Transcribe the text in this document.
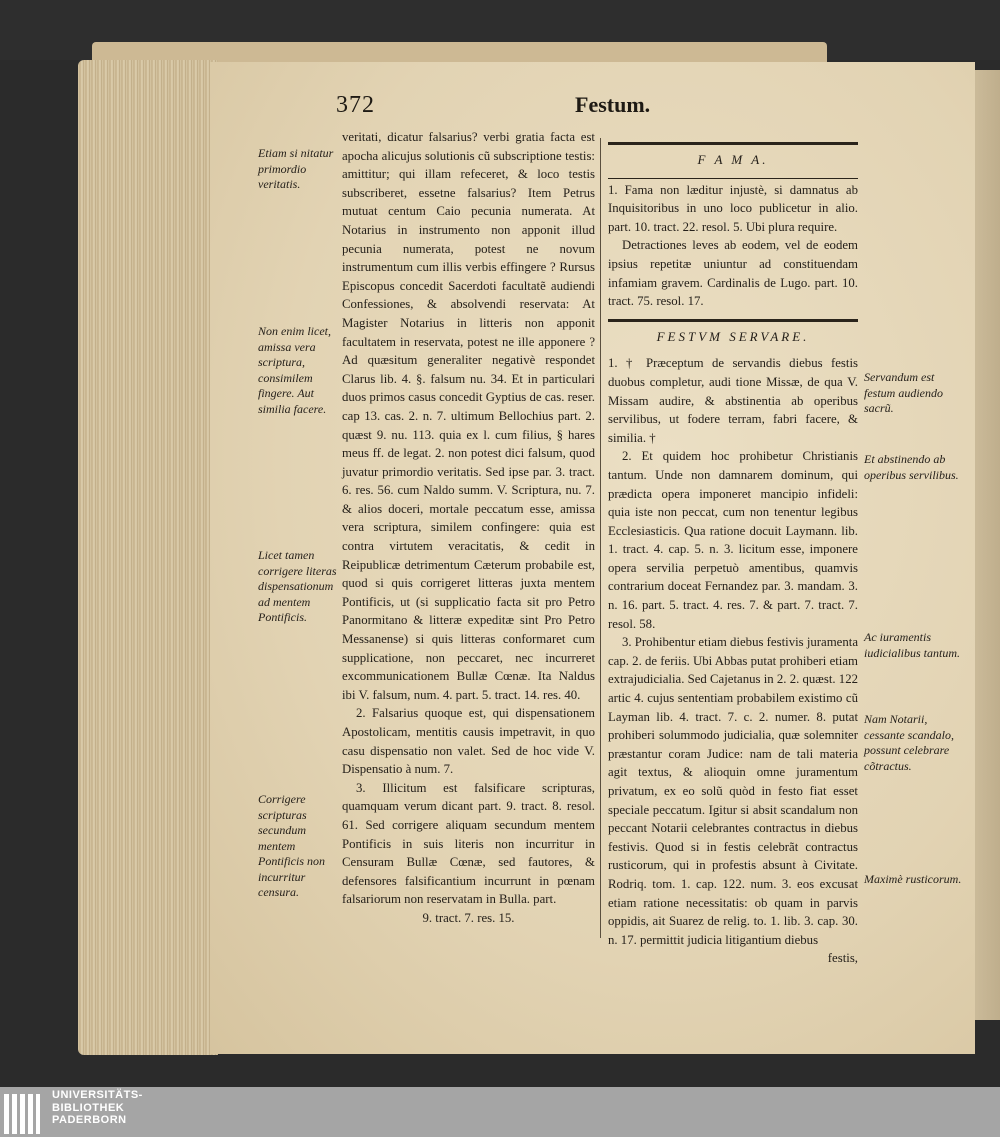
372	Festum.
Etiam si nitatur primordio veritatis.
Non enim licet, amissa vera scriptura, consimilem fingere. Aut similia facere.
Licet tamen corrigere literas dispensationum ad mentem Pontificis.
Corrigere scripturas secundum mentem Pontificis non incurritur censura.

veritati, dicatur falsarius? verbi gratia facta est apocha alicujus solutionis cũ subscriptione testis: amittitur; qui illam refeceret, & loco testis subscriberet, essetne falsarius? Item Petrus mutuat centum Caio pecunia numerata. At Notarius in instrumento non apponit illud pecunia numerata, potest ne novum instrumentum cum illis verbis effingere ? Rursus Episcopus concedit Sacerdoti facultatẽ audiendi Confessiones, & absolvendi reservata: At Magister Notarius in litteris non apponit facultatem in reservata, potest ne ille apponere ? Ad quæsitum generaliter negativè respondet Clarus lib. 4. §. falsum nu. 34. Et in particulari duos primos casus concedit Gyptius de cas. reser. cap 13. cas. 2. n. 7. ultimum Bellochius part. 2. quæst 9. nu. 113. quia ex l. cum filius, § hares meus ff. de legat. 2. non potest dici falsum, quod juvatur primordio veritatis. Sed ipse par. 3. tract. 6. res. 56. cum Naldo summ. V. Scriptura, nu. 7. & alios doceri, mortale peccatum esse, amissa vera scriptura, similem confingere: quia est contra virtutem veracitatis, & cedit in Reipublicæ detrimentum Cæterum probabile est, quod si quis corrigeret litteras juxta mentem Pontificis, ut (si supplicatio facta sit pro Petro Panormitano & litteræ expeditæ sint Pro Petro Messanense) si quis litteras conformaret cum supplicatione, non peccaret, nec incurreret excommunicationem Bullæ Cœnæ. Ita Naldus ibi V. falsum, num. 4. part. 5. tract. 14. res. 40.

2. Falsarius quoque est, qui dispensationem Apostolicam, mentitis causis impetravit, in quo casu dispensatio non valet. Sed de hoc vide V. Dispensatio à num. 7.

3. Illicitum est falsificare scripturas, quamquam verum dicant part. 9. tract. 8. resol. 61. Sed corrigere aliquam secundum mentem Pontificis in suis literis non incurritur in Censuram Bullæ Cœnæ, sed fautores, & defensores falsificantium incurrunt in pœnam falsariorum non reservatam in Bulla. part.

9. tract. 7. res. 15.

F A M A.

1. Fama non læditur injustè, si damnatus ab Inquisitoribus in uno loco publicetur in alio. part. 10. tract. 22. resol. 5. Ubi plura require.

Detractiones leves ab eodem, vel de eodem ipsius repetitæ uniuntur ad constituendam infamiam gravem. Cardinalis de Lugo. part. 10. tract. 75. resol. 17.

FESTVM SERVARE.

1. † Præceptum de servandis diebus festis duobus completur, audi tione Missæ, de qua V. Missam audire, & abstinentia ab operibus servilibus, ut fodere terram, fabri facere, & similia. †

2. Et quidem hoc prohibetur Christianis tantum. Unde non damnarem dominum, qui prædicta opera imponeret mancipio infideli: quia iste non peccat, cum non tenentur legibus Ecclesiasticis. Qua ratione docuit Laymann. lib. 1. tract. 4. cap. 5. n. 3. licitum esse, imponere opera servilia perpetuò amentibus, quamvis contrarium doceat Fernandez par. 3. mandam. 3. n. 16. part. 5. tract. 4. res. 7. & part. 7. tract. 7. resol. 58.

3. Prohibentur etiam diebus festivis juramenta cap. 2. de feriis. Ubi Abbas putat prohiberi etiam extrajudicialia. Sed Cajetanus in 2. 2. quæst. 122 artic 4. cujus sententiam probabilem existimo cũ Layman lib. 4. tract. 7. c. 2. numer. 8. putat prohiberi solummodo judicialia, quæ solemniter præstantur coram Judice: nam de tali materia agit textus, & alioquin omne juramentum privatum, ex eo solũ quòd in festo fiat esset speciale peccatum. Igitur si absit scandalum non peccant Notarii celebrantes contractus in diebus festivis. Quod si in festis celebrãt contractus rusticorum, qui in profestis absunt à Civitate. Rodriq. tom. 1. cap. 122. num. 3. eos excusat etiam ratione necessitatis: ob quam in parvis oppidis, ait Suarez de relig. to. 1. lib. 3. cap. 30. n. 17. permittit judicia litigantium diebus

festis,

Servandum est festum audiendo sacrũ.
Et abstinendo ab operibus servilibus.
Ac iuramentis iudicialibus tantum.
Nam Notarii, cessante scandalo, possunt celebrare cõtractus.
Maximè rusticorum.
UNIVERSITÄTS-
BIBLIOTHEK
PADERBORN
